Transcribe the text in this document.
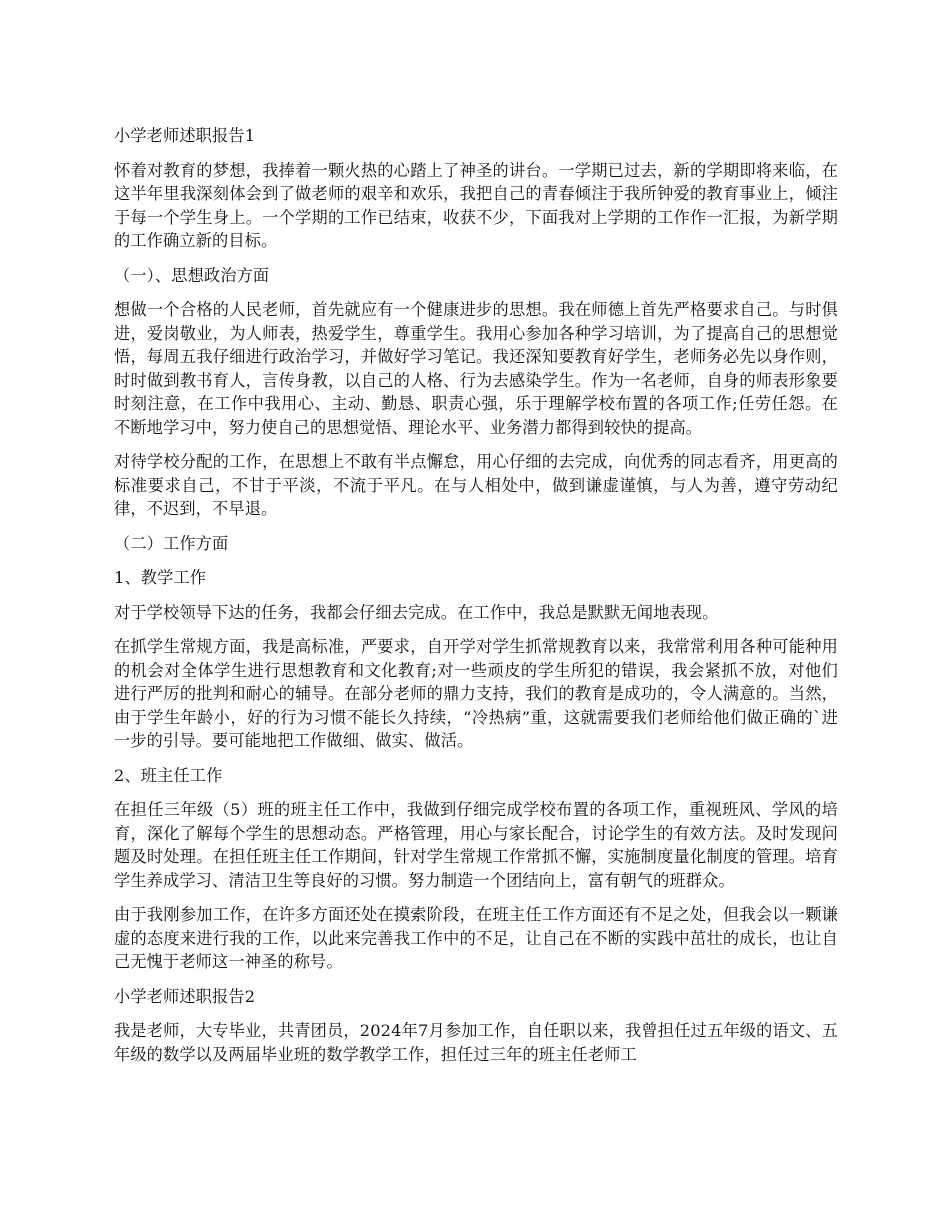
小学老师述职报告1

怀着对教育的梦想，我捧着一颗火热的心踏上了神圣的讲台。一学期已过去，新的学期即将来临，在这半年里我深刻体会到了做老师的艰辛和欢乐，我把自己的青春倾注于我所钟爱的教育事业上，倾注于每一个学生身上。一个学期的工作已结束，收获不少，下面我对上学期的工作作一汇报，为新学期的工作确立新的目标。

（一）、思想政治方面

想做一个合格的人民老师，首先就应有一个健康进步的思想。我在师德上首先严格要求自己。与时俱进，爱岗敬业，为人师表，热爱学生，尊重学生。我用心参加各种学习培训，为了提高自己的思想觉悟，每周五我仔细进行政治学习，并做好学习笔记。我还深知要教育好学生，老师务必先以身作则，时时做到教书育人，言传身教，以自己的人格、行为去感染学生。作为一名老师，自身的师表形象要时刻注意，在工作中我用心、主动、勤恳、职责心强，乐于理解学校布置的各项工作;任劳任怨。在不断地学习中，努力使自己的思想觉悟、理论水平、业务潜力都得到较快的提高。

对待学校分配的工作，在思想上不敢有半点懈怠，用心仔细的去完成，向优秀的同志看齐，用更高的标准要求自己，不甘于平淡，不流于平凡。在与人相处中，做到谦虚谨慎，与人为善，遵守劳动纪律，不迟到，不早退。

（二）工作方面

1、教学工作

对于学校领导下达的任务，我都会仔细去完成。在工作中，我总是默默无闻地表现。

在抓学生常规方面，我是高标准，严要求，自开学对学生抓常规教育以来，我常常利用各种可能种用的机会对全体学生进行思想教育和文化教育;对一些顽皮的学生所犯的错误，我会紧抓不放，对他们进行严厉的批判和耐心的辅导。在部分老师的鼎力支持，我们的教育是成功的，令人满意的。当然，由于学生年龄小，好的行为习惯不能长久持续，“冷热病”重，这就需要我们老师给他们做正确的`进一步的引导。要可能地把工作做细、做实、做活。

2、班主任工作

在担任三年级（5）班的班主任工作中，我做到仔细完成学校布置的各项工作，重视班风、学风的培育，深化了解每个学生的思想动态。严格管理，用心与家长配合，讨论学生的有效方法。及时发现问题及时处理。在担任班主任工作期间，针对学生常规工作常抓不懈，实施制度量化制度的管理。培育学生养成学习、清洁卫生等良好的习惯。努力制造一个团结向上，富有朝气的班群众。

由于我刚参加工作，在许多方面还处在摸索阶段，在班主任工作方面还有不足之处，但我会以一颗谦虚的态度来进行我的工作，以此来完善我工作中的不足，让自己在不断的实践中茁壮的成长，也让自己无愧于老师这一神圣的称号。

小学老师述职报告2

我是老师，大专毕业，共青团员，2024年7月参加工作，自任职以来，我曾担任过五年级的语文、五年级的数学以及两届毕业班的数学教学工作，担任过三年的班主任老师工
